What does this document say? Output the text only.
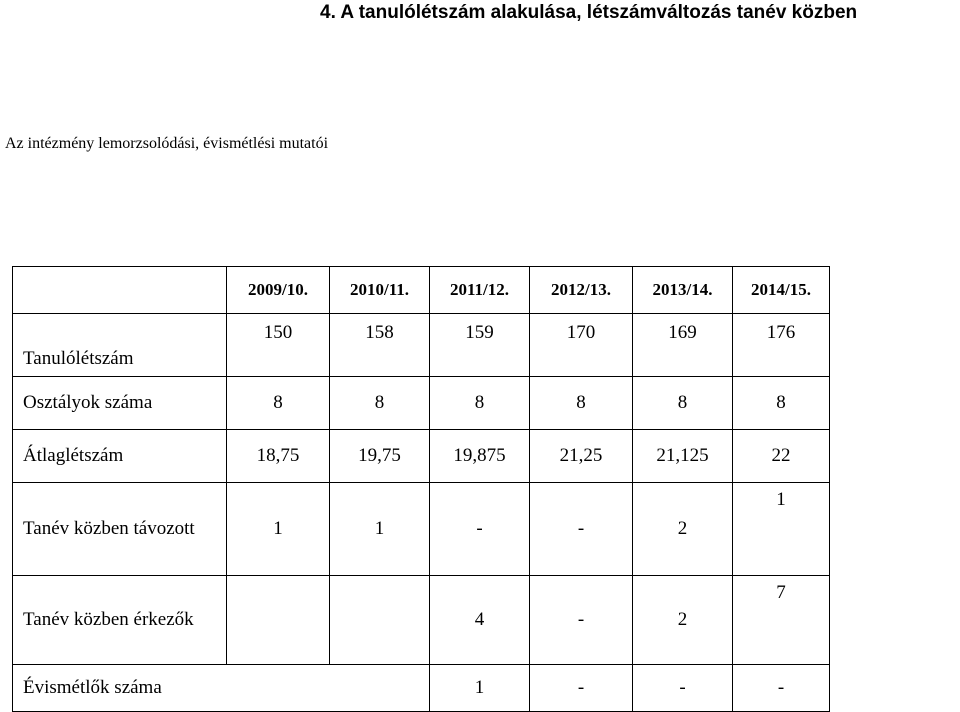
4. A tanulólétszám alakulása, létszámváltozás tanév közben
Az intézmény lemorzsolódási, évismétlési mutatói
	2009/10.	2010/11.	2011/12.	2012/13.	2013/14.	2014/15.
Tanulólétszám	150	158	159	170	169	176
Osztályok száma	8	8	8	8	8	8
Átlaglétszám	18,75	19,75	19,875	21,25	21,125	22
Tanév közben távozott	1	1	-	-	2	1
Tanév közben érkezők			4	-	2	7
Évismétlők száma			1	-	-	-
